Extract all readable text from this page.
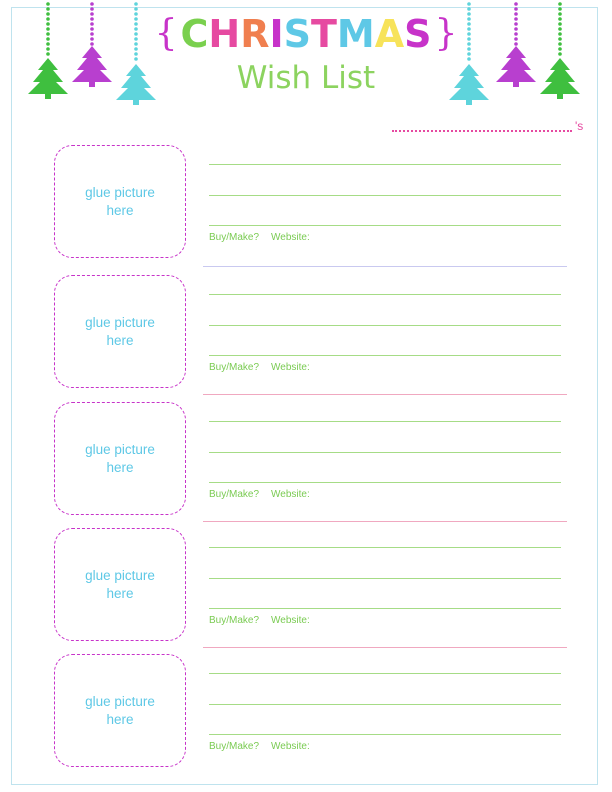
{ C H R I S T M A S }
Wish List
's
glue picture
here
Buy/Make? Website:
glue picture
here
Buy/Make? Website:
glue picture
here
Buy/Make? Website:
glue picture
here
Buy/Make? Website:
glue picture
here
Buy/Make? Website:
